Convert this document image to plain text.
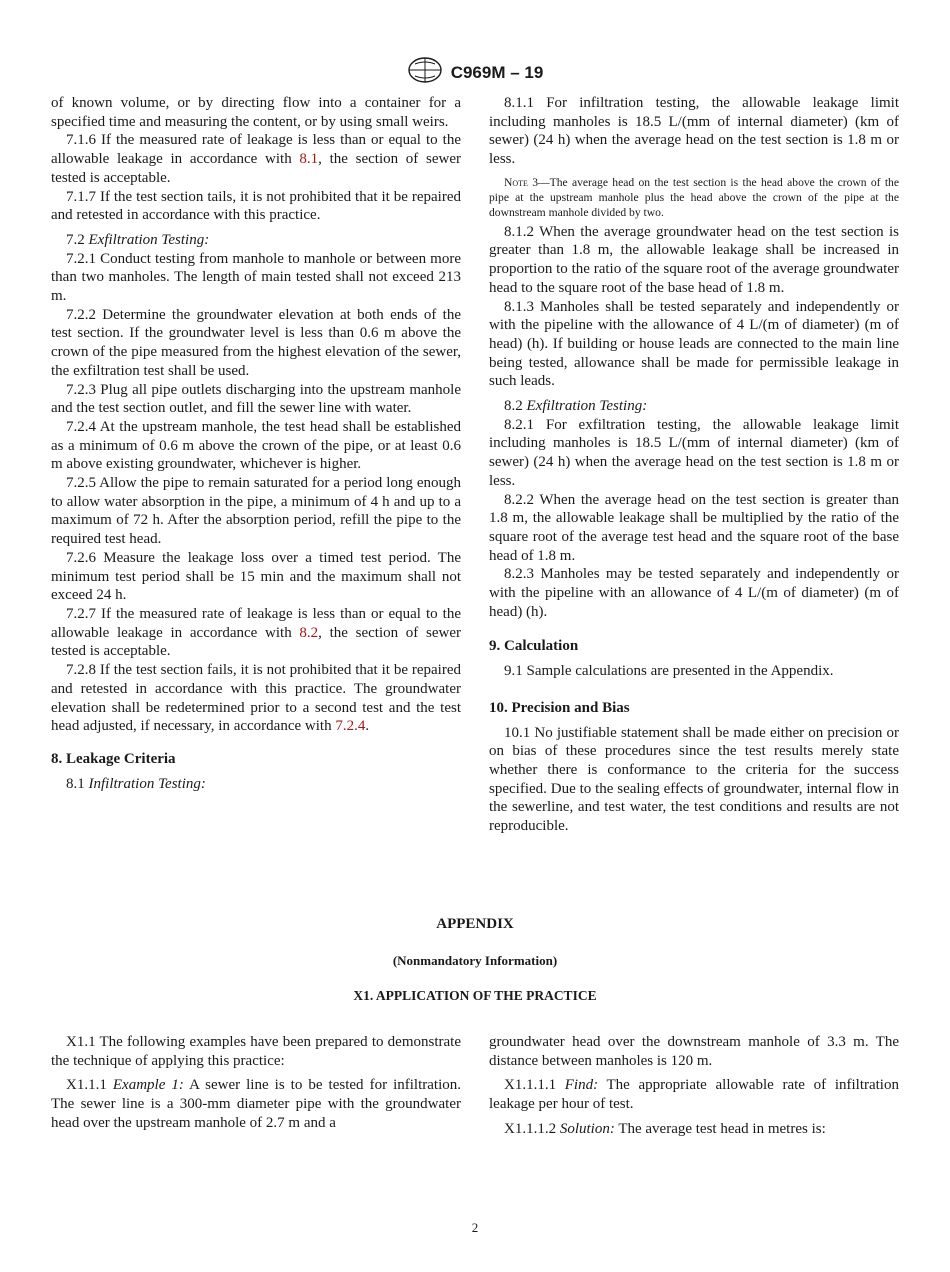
C969M – 19

of known volume, or by directing flow into a container for a specified time and measuring the content, or by using small weirs.

7.1.6 If the measured rate of leakage is less than or equal to the allowable leakage in accordance with 8.1, the section of sewer tested is acceptable.

7.1.7 If the test section tails, it is not prohibited that it be repaired and retested in accordance with this practice.

7.2 Exfiltration Testing:

7.2.1 Conduct testing from manhole to manhole or between more than two manholes. The length of main tested shall not exceed 213 m.

7.2.2 Determine the groundwater elevation at both ends of the test section. If the groundwater level is less than 0.6 m above the crown of the pipe measured from the highest elevation of the sewer, the exfiltration test shall be used.

7.2.3 Plug all pipe outlets discharging into the upstream manhole and the test section outlet, and fill the sewer line with water.

7.2.4 At the upstream manhole, the test head shall be established as a minimum of 0.6 m above the crown of the pipe, or at least 0.6 m above existing groundwater, whichever is higher.

7.2.5 Allow the pipe to remain saturated for a period long enough to allow water absorption in the pipe, a minimum of 4 h and up to a maximum of 72 h. After the absorption period, refill the pipe to the required test head.

7.2.6 Measure the leakage loss over a timed test period. The minimum test period shall be 15 min and the maximum shall not exceed 24 h.

7.2.7 If the measured rate of leakage is less than or equal to the allowable leakage in accordance with 8.2, the section of sewer tested is acceptable.

7.2.8 If the test section fails, it is not prohibited that it be repaired and retested in accordance with this practice. The groundwater elevation shall be redetermined prior to a second test and the test head adjusted, if necessary, in accordance with 7.2.4.

8. Leakage Criteria

8.1 Infiltration Testing:

8.1.1 For infiltration testing, the allowable leakage limit including manholes is 18.5 L/(mm of internal diameter) (km of sewer) (24 h) when the average head on the test section is 1.8 m or less.

Note 3—The average head on the test section is the head above the crown of the pipe at the upstream manhole plus the head above the crown of the pipe at the downstream manhole divided by two.

8.1.2 When the average groundwater head on the test section is greater than 1.8 m, the allowable leakage shall be increased in proportion to the ratio of the square root of the average groundwater head to the square root of the base head of 1.8 m.

8.1.3 Manholes shall be tested separately and independently or with the pipeline with the allowance of 4 L/(m of diameter) (m of head) (h). If building or house leads are connected to the main line being tested, allowance shall be made for permissible leakage in such leads.

8.2 Exfiltration Testing:

8.2.1 For exfiltration testing, the allowable leakage limit including manholes is 18.5 L/(mm of internal diameter) (km of sewer) (24 h) when the average head on the test section is 1.8 m or less.

8.2.2 When the average head on the test section is greater than 1.8 m, the allowable leakage shall be multiplied by the ratio of the square root of the average test head and the square root of the base head of 1.8 m.

8.2.3 Manholes may be tested separately and independently or with the pipeline with an allowance of 4 L/(m of diameter) (m of head) (h).

9. Calculation

9.1 Sample calculations are presented in the Appendix.

10. Precision and Bias

10.1 No justifiable statement shall be made either on precision or on bias of these procedures since the test results merely state whether there is conformance to the criteria for the success specified. Due to the sealing effects of groundwater, internal flow in the sewerline, and test water, the test conditions and results are not reproducible.

APPENDIX
(Nonmandatory Information)
X1. APPLICATION OF THE PRACTICE

X1.1 The following examples have been prepared to demonstrate the technique of applying this practice:

X1.1.1 Example 1: A sewer line is to be tested for infiltration. The sewer line is a 300-mm diameter pipe with the groundwater head over the upstream manhole of 2.7 m and a

groundwater head over the downstream manhole of 3.3 m. The distance between manholes is 120 m.

X1.1.1.1 Find: The appropriate allowable rate of infiltration leakage per hour of test.

X1.1.1.2 Solution: The average test head in metres is:

2
